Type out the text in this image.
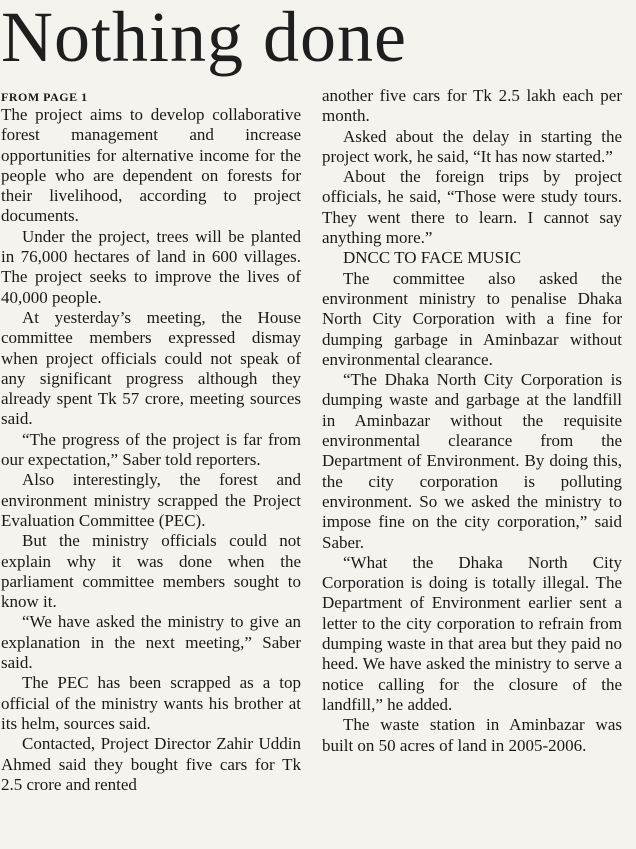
Nothing done
FROM PAGE 1

The project aims to develop collaborative forest management and increase opportunities for alternative income for the people who are dependent on forests for their livelihood, according to project documents.

Under the project, trees will be planted in 76,000 hectares of land in 600 villages. The project seeks to improve the lives of 40,000 people.

At yesterday’s meeting, the House committee members expressed dismay when project officials could not speak of any significant progress although they already spent Tk 57 crore, meeting sources said.

“The progress of the project is far from our expectation,” Saber told reporters.

Also interestingly, the forest and environment ministry scrapped the Project Evaluation Committee (PEC).

But the ministry officials could not explain why it was done when the parliament committee members sought to know it.

“We have asked the ministry to give an explanation in the next meeting,” Saber said.

The PEC has been scrapped as a top official of the ministry wants his brother at its helm, sources said.

Contacted, Project Director Zahir Uddin Ahmed said they bought five cars for Tk 2.5 crore and rented

another five cars for Tk 2.5 lakh each per month.

Asked about the delay in starting the project work, he said, “It has now started.”

About the foreign trips by project officials, he said, “Those were study tours. They went there to learn. I cannot say anything more.”

DNCC TO FACE MUSIC

The committee also asked the environment ministry to penalise Dhaka North City Corporation with a fine for dumping garbage in Aminbazar without environmental clearance.

“The Dhaka North City Corporation is dumping waste and garbage at the landfill in Aminbazar without the requisite environmental clearance from the Department of Environment. By doing this, the city corporation is polluting environment. So we asked the ministry to impose fine on the city corporation,” said Saber.

“What the Dhaka North City Corporation is doing is totally illegal. The Department of Environment earlier sent a letter to the city corporation to refrain from dumping waste in that area but they paid no heed. We have asked the ministry to serve a notice calling for the closure of the landfill,” he added.

The waste station in Aminbazar was built on 50 acres of land in 2005-2006.
